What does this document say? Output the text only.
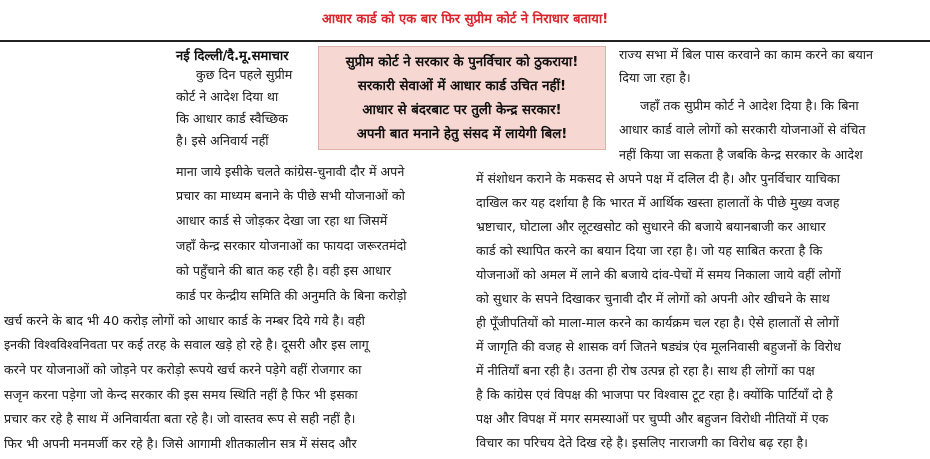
आधार कार्ड को एक बार फिर सुप्रीम कोर्ट ने निराधार बताया!
नई दिल्ली/दै.मू.समाचार	सुप्रीम कोर्ट ने सरकार के पुनर्विचार को ठुकराया!
सरकारी सेवाओं में आधार कार्ड उचित नहीं!
आधार से बंदरबाट पर तुली केन्द्र सरकार!
अपनी बात मनाने हेतु संसद में लायेगी बिल!
कुछ दिन पहले सुप्रीम
कोर्ट ने आदेश दिया था
कि आधार कार्ड स्वैच्छिक
है। इसे अनिवार्य नहीं
माना जाये इसीके चलते कांग्रेस-चुनावी दौर में अपने
प्रचार का माध्यम बनाने के पीछे सभी योजनाओं को
आधार कार्ड से जोड़कर देखा जा रहा था जिसमें
जहाँ केन्द्र सरकार योजनाओं का फायदा जरूरतमंदो
को पहुँचाने की बात कह रही है। वही इस आधार
कार्ड पर केन्द्रीय समिति की अनुमति के बिना करोड़ो
खर्च करने के बाद भी 40 करोड़ लोगों को आधार कार्ड के नम्बर दिये गये है। वही
इनकी विश्वविश्वनिवता पर कई तरह के सवाल खड़े हो रहे है। दूसरी और इस लागू
करने पर योजनाओं को जोड़ने पर करोड़ो रूपये खर्च करने पड़ेगे वहीं रोजगार का
सजृन करना पड़ेगा जो केन्द सरकार की इस समय स्थिति नहीं है फिर भी इसका
प्रचार कर रहे है साथ में अनिवार्यता बता रहे है। जो वास्तव रूप से सही नहीं है।
फिर भी अपनी मनमर्जी कर रहे है। जिसे आगामी शीतकालीन सत्र में संसद और
राज्य सभा में बिल पास करवाने का काम करने का बयान
दिया जा रहा है।
जहाँ तक सुप्रीम कोर्ट ने आदेश दिया है। कि बिना
आधार कार्ड वाले लोगों को सरकारी योजनाओं से वंचित
नहीं किया जा सकता है जबकि केन्द्र सरकार के आदेश
में संशोधन कराने के मकसद से अपने पक्ष में दलिल दी है। और पुनर्विचार याचिका
दाखिल कर यह दर्शाया है कि भारत में आर्थिक खस्ता हालातों के पीछे मुख्य वजह
भ्रष्टाचार, घोटाला और लूटखसोट को सुधारने की बजाये बयानबाजी कर आधार
कार्ड को स्थापित करने का बयान दिया जा रहा है। जो यह साबित करता है कि
योजनाओं को अमल में लाने की बजाये दांव-पेचों में समय निकाला जाये वहीं लोगों
को सुधार के सपने दिखाकर चुनावी दौर में लोगों को अपनी ओर खीचने के साथ
ही पूँजीपतियों को माला-माल करने का कार्यक्रम चल रहा है। ऐसे हालातों से लोगों
में जागृति की वजह से शासक वर्ग जितने षड्यंत्र एंव मूलनिवासी बहुजनों के विरोध
में नीतियाँ बना रही है। उतना ही रोष उत्पन्न हो रहा है। साथ ही लोगों का पक्ष
है कि कांग्रेस एवं विपक्ष की भाजपा पर विश्वास टूट रहा है। क्योंकि पार्टियाँ दो है
पक्ष और विपक्ष में मगर समस्याओं पर चुप्पी और बहुजन विरोधी नीतियों में एक
विचार का परिचय देते दिख रहे है। इसलिए नाराजगी का विरोध बढ़ रहा है।
